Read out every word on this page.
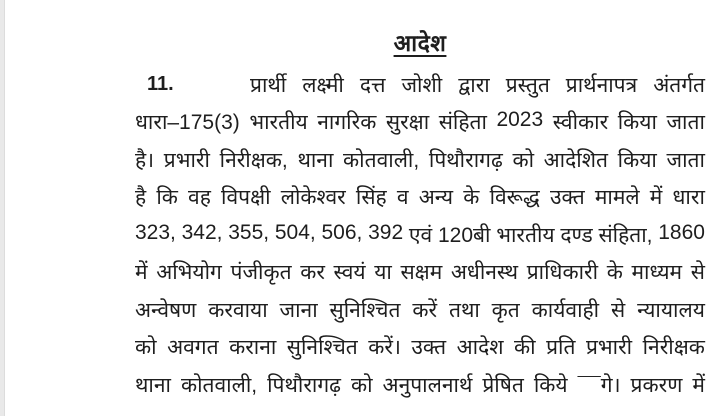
आदेश
11.	प्रार्थी लक्ष्मी दत्त जोशी द्वारा प्रस्तुत प्रार्थनापत्र अंतर्गत
धारा–175(3) भारतीय नागरिक सुरक्षा संहिता 2023 स्वीकार किया जाता
है। प्रभारी निरीक्षक, थाना कोतवाली, पिथौरागढ़ को आदेशित किया जाता
है कि वह विपक्षी लोकेश्वर सिंह व अन्य के विरूद्ध उक्त मामले में धारा
323, 342, 355, 504, 506, 392 एवं 120बी भारतीय दण्ड संहिता, 1860
में अभियोग पंजीकृत कर स्वयं या सक्षम अधीनस्थ प्राधिकारी के माध्यम से
अन्वेषण करवाया जाना सुनिश्चित करें तथा कृत कार्यवाही से न्यायालय
को अवगत कराना सुनिश्चित करें। उक्त आदेश की प्रति प्रभारी निरीक्षक
थाना कोतवाली, पिथौरागढ़ को अनुपालनार्थ प्रेषित किये ¯¯गे। प्रकरण में
